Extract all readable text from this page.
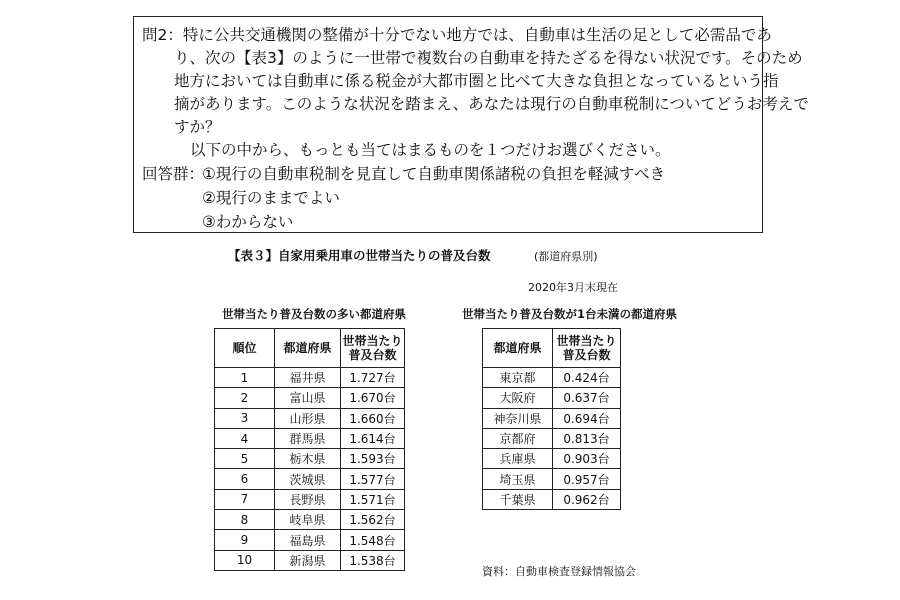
問2：特に公共交通機関の整備が十分でない地方では、自動車は生活の足として必需品であ
り、次の【表3】のように一世帯で複数台の自動車を持たざるを得ない状況です。そのため
地方においては自動車に係る税金が大都市圏と比べて大きな負担となっているという指
摘があります。このような状況を踏まえ、あなたは現行の自動車税制についてどうお考えで
すか？
以下の中から、もっとも当てはまるものを１つだけお選びください。
回答群：
①現行の自動車税制を見直して自動車関係諸税の負担を軽減すべき
②現行のままでよい
③わからない
【表３】自家用乗用車の世帯当たりの普及台数	(都道府県別)
2020年3月末現在
世帯当たり普及台数の多い都道府県	世帯当たり普及台数が1台未満の都道府県
順位	都道府県	世帯当たり
普及台数
1	福井県	1.727台
2	富山県	1.670台
3	山形県	1.660台
4	群馬県	1.614台
5	栃木県	1.593台
6	茨城県	1.577台
7	長野県	1.571台
8	岐阜県	1.562台
9	福島県	1.548台
10	新潟県	1.538台
都道府県	世帯当たり
普及台数
東京都	0.424台
大阪府	0.637台
神奈川県	0.694台
京都府	0.813台
兵庫県	0.903台
埼玉県	0.957台
千葉県	0.962台
資料：自動車検査登録情報協会
